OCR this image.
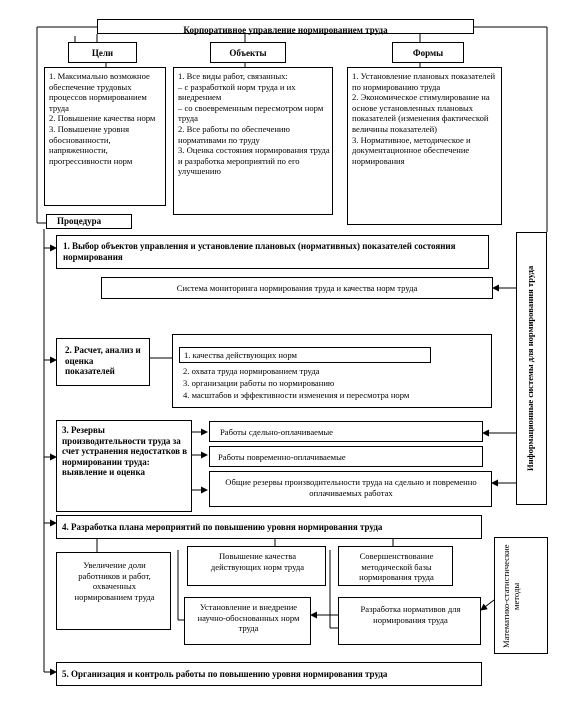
Корпоративное управление нормированием труда
Цели	Объекты	Формы
1. Максимально возможное обеспечение трудовых процессов нормированием труда
2. Повышение качества норм
3. Повышение уровня обоснованности, напряженности, прогрессивности норм
1. Все виды работ, связанных:
– с разработкой норм труда и их внедрением
– со своевременным пересмотром норм труда
2. Все работы по обеспечению нормативами по труду
3. Оценка состояния нормирования труда и разработка мероприятий по его улучшению
1. Установление плановых показателей по нормированию труда
2. Экономическое стимулирование на основе установленных плановых показателей (изменения фактической величины показателей)
3. Нормативное, методическое и документационное обеспечение нормирования
Процедура
Информационные системы для нормирования труда
1. Выбор объектов управления и установление плановых (нормативных) показателей состояния нормирования
Система мониторинга нормирования труда и качества норм труда
2. Расчет, анализ и оценка показателей
1. качества действующих норм
2. охвата труда нормированием труда
3. организации работы по нормированию
4. масштабов и эффективности изменения и пересмотра норм
3. Резервы производительности труда за счет устранения недостатков в нормировании труда: выявление и оценка
Работы сдельно-оплачиваемые
Работы повременно-оплачиваемые
Общие резервы производительности труда на сдельно и повременно оплачиваемых работах
4. Разработка плана мероприятий по повышению уровня нормирования труда
Увеличение доли работников и работ, охваченных нормированием труда
Повышение качества действующих норм труда
Совершенствование методической базы нормирования труда
Установление и внедрение научно-обоснованных норм труда
Разработка нормативов для нормирования труда	Математико-статистические методы
5. Организация и контроль работы по повышению уровня нормирования труда
